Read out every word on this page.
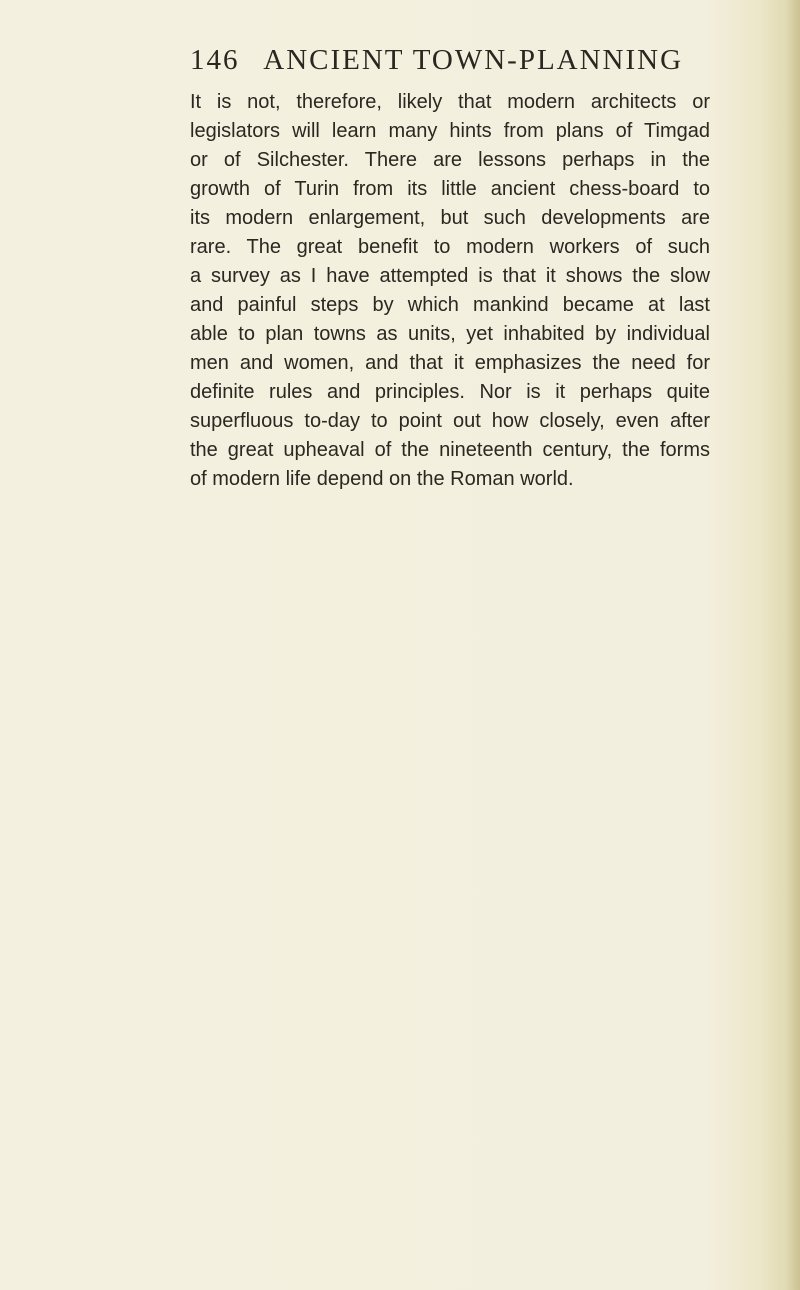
146 ANCIENT TOWN-PLANNING
It is not, therefore, likely that modern architects or
legislators will learn many hints from plans of Timgad
or of Silchester. There are lessons perhaps in the
growth of Turin from its little ancient chess-board to
its modern enlargement, but such developments are
rare. The great benefit to modern workers of such
a survey as I have attempted is that it shows the slow
and painful steps by which mankind became at last
able to plan towns as units, yet inhabited by individual
men and women, and that it emphasizes the need for
definite rules and principles. Nor is it perhaps quite
superfluous to-day to point out how closely, even after
the great upheaval of the nineteenth century, the forms
of modern life depend on the Roman world.
